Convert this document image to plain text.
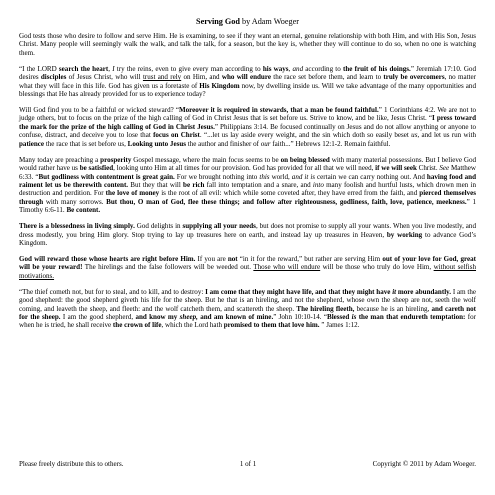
Serving God by Adam Woeger
God tests those who desire to follow and serve Him. He is examining, to see if they want an eternal, genuine relationship with both Him, and with His Son, Jesus Christ. Many people will seemingly walk the walk, and talk the talk, for a season, but the key is, whether they will continue to do so, when no one is watching them.
“I the LORD search the heart, I try the reins, even to give every man according to his ways, and according to the fruit of his doings.” Jeremiah 17:10. God desires disciples of Jesus Christ, who will trust and rely on Him, and who will endure the race set before them, and learn to truly be overcomers, no matter what they will face in this life. God has given us a foretaste of His Kingdom now, by dwelling inside us. Will we take advantage of the many opportunities and blessings that He has already provided for us to experience today?
Will God find you to be a faithful or wicked steward? “Moreover it is required in stewards, that a man be found faithful.” 1 Corinthians 4:2. We are not to judge others, but to focus on the prize of the high calling of God in Christ Jesus that is set before us. Strive to know, and be like, Jesus Christ. “I press toward the mark for the prize of the high calling of God in Christ Jesus.” Philippians 3:14. Be focused continually on Jesus and do not allow anything or anyone to confuse, distract, and deceive you to lose that focus on Christ. “...let us lay aside every weight, and the sin which doth so easily beset us, and let us run with patience the race that is set before us, Looking unto Jesus the author and finisher of our faith...” Hebrews 12:1-2. Remain faithful.
Many today are preaching a prosperity Gospel message, where the main focus seems to be on being blessed with many material possessions. But I believe God would rather have us be satisfied, looking unto Him at all times for our provision. God has provided for all that we will need, if we will seek Christ. See Matthew 6:33. “But godliness with contentment is great gain. For we brought nothing into this world, and it is certain we can carry nothing out. And having food and raiment let us be therewith content. But they that will be rich fall into temptation and a snare, and into many foolish and hurtful lusts, which drown men in destruction and perdition. For the love of money is the root of all evil: which while some coveted after, they have erred from the faith, and pierced themselves through with many sorrows. But thou, O man of God, flee these things; and follow after righteousness, godliness, faith, love, patience, meekness.” 1 Timothy 6:6-11. Be content.
There is a blessedness in living simply. God delights in supplying all your needs, but does not promise to supply all your wants. When you live modestly, and dress modestly, you bring Him glory. Stop trying to lay up treasures here on earth, and instead lay up treasures in Heaven, by working to advance God’s Kingdom.
God will reward those whose hearts are right before Him. If you are not “in it for the reward,” but rather are serving Him out of your love for God, great will be your reward! The hirelings and the false followers will be weeded out. Those who will endure will be those who truly do love Him, without selfish motivations.
“The thief cometh not, but for to steal, and to kill, and to destroy: I am come that they might have life, and that they might have it more abundantly. I am the good shepherd: the good shepherd giveth his life for the sheep. But he that is an hireling, and not the shepherd, whose own the sheep are not, seeth the wolf coming, and leaveth the sheep, and fleeth: and the wolf catcheth them, and scattereth the sheep. The hireling fleeth, because he is an hireling, and careth not for the sheep. I am the good shepherd, and know my sheep, and am known of mine.” John 10:10-14. “Blessed is the man that endureth temptation: for when he is tried, he shall receive the crown of life, which the Lord hath promised to them that love him. ” James 1:12.
Please freely distribute this to others.	1 of 1	Copyright © 2011 by Adam Woeger.
